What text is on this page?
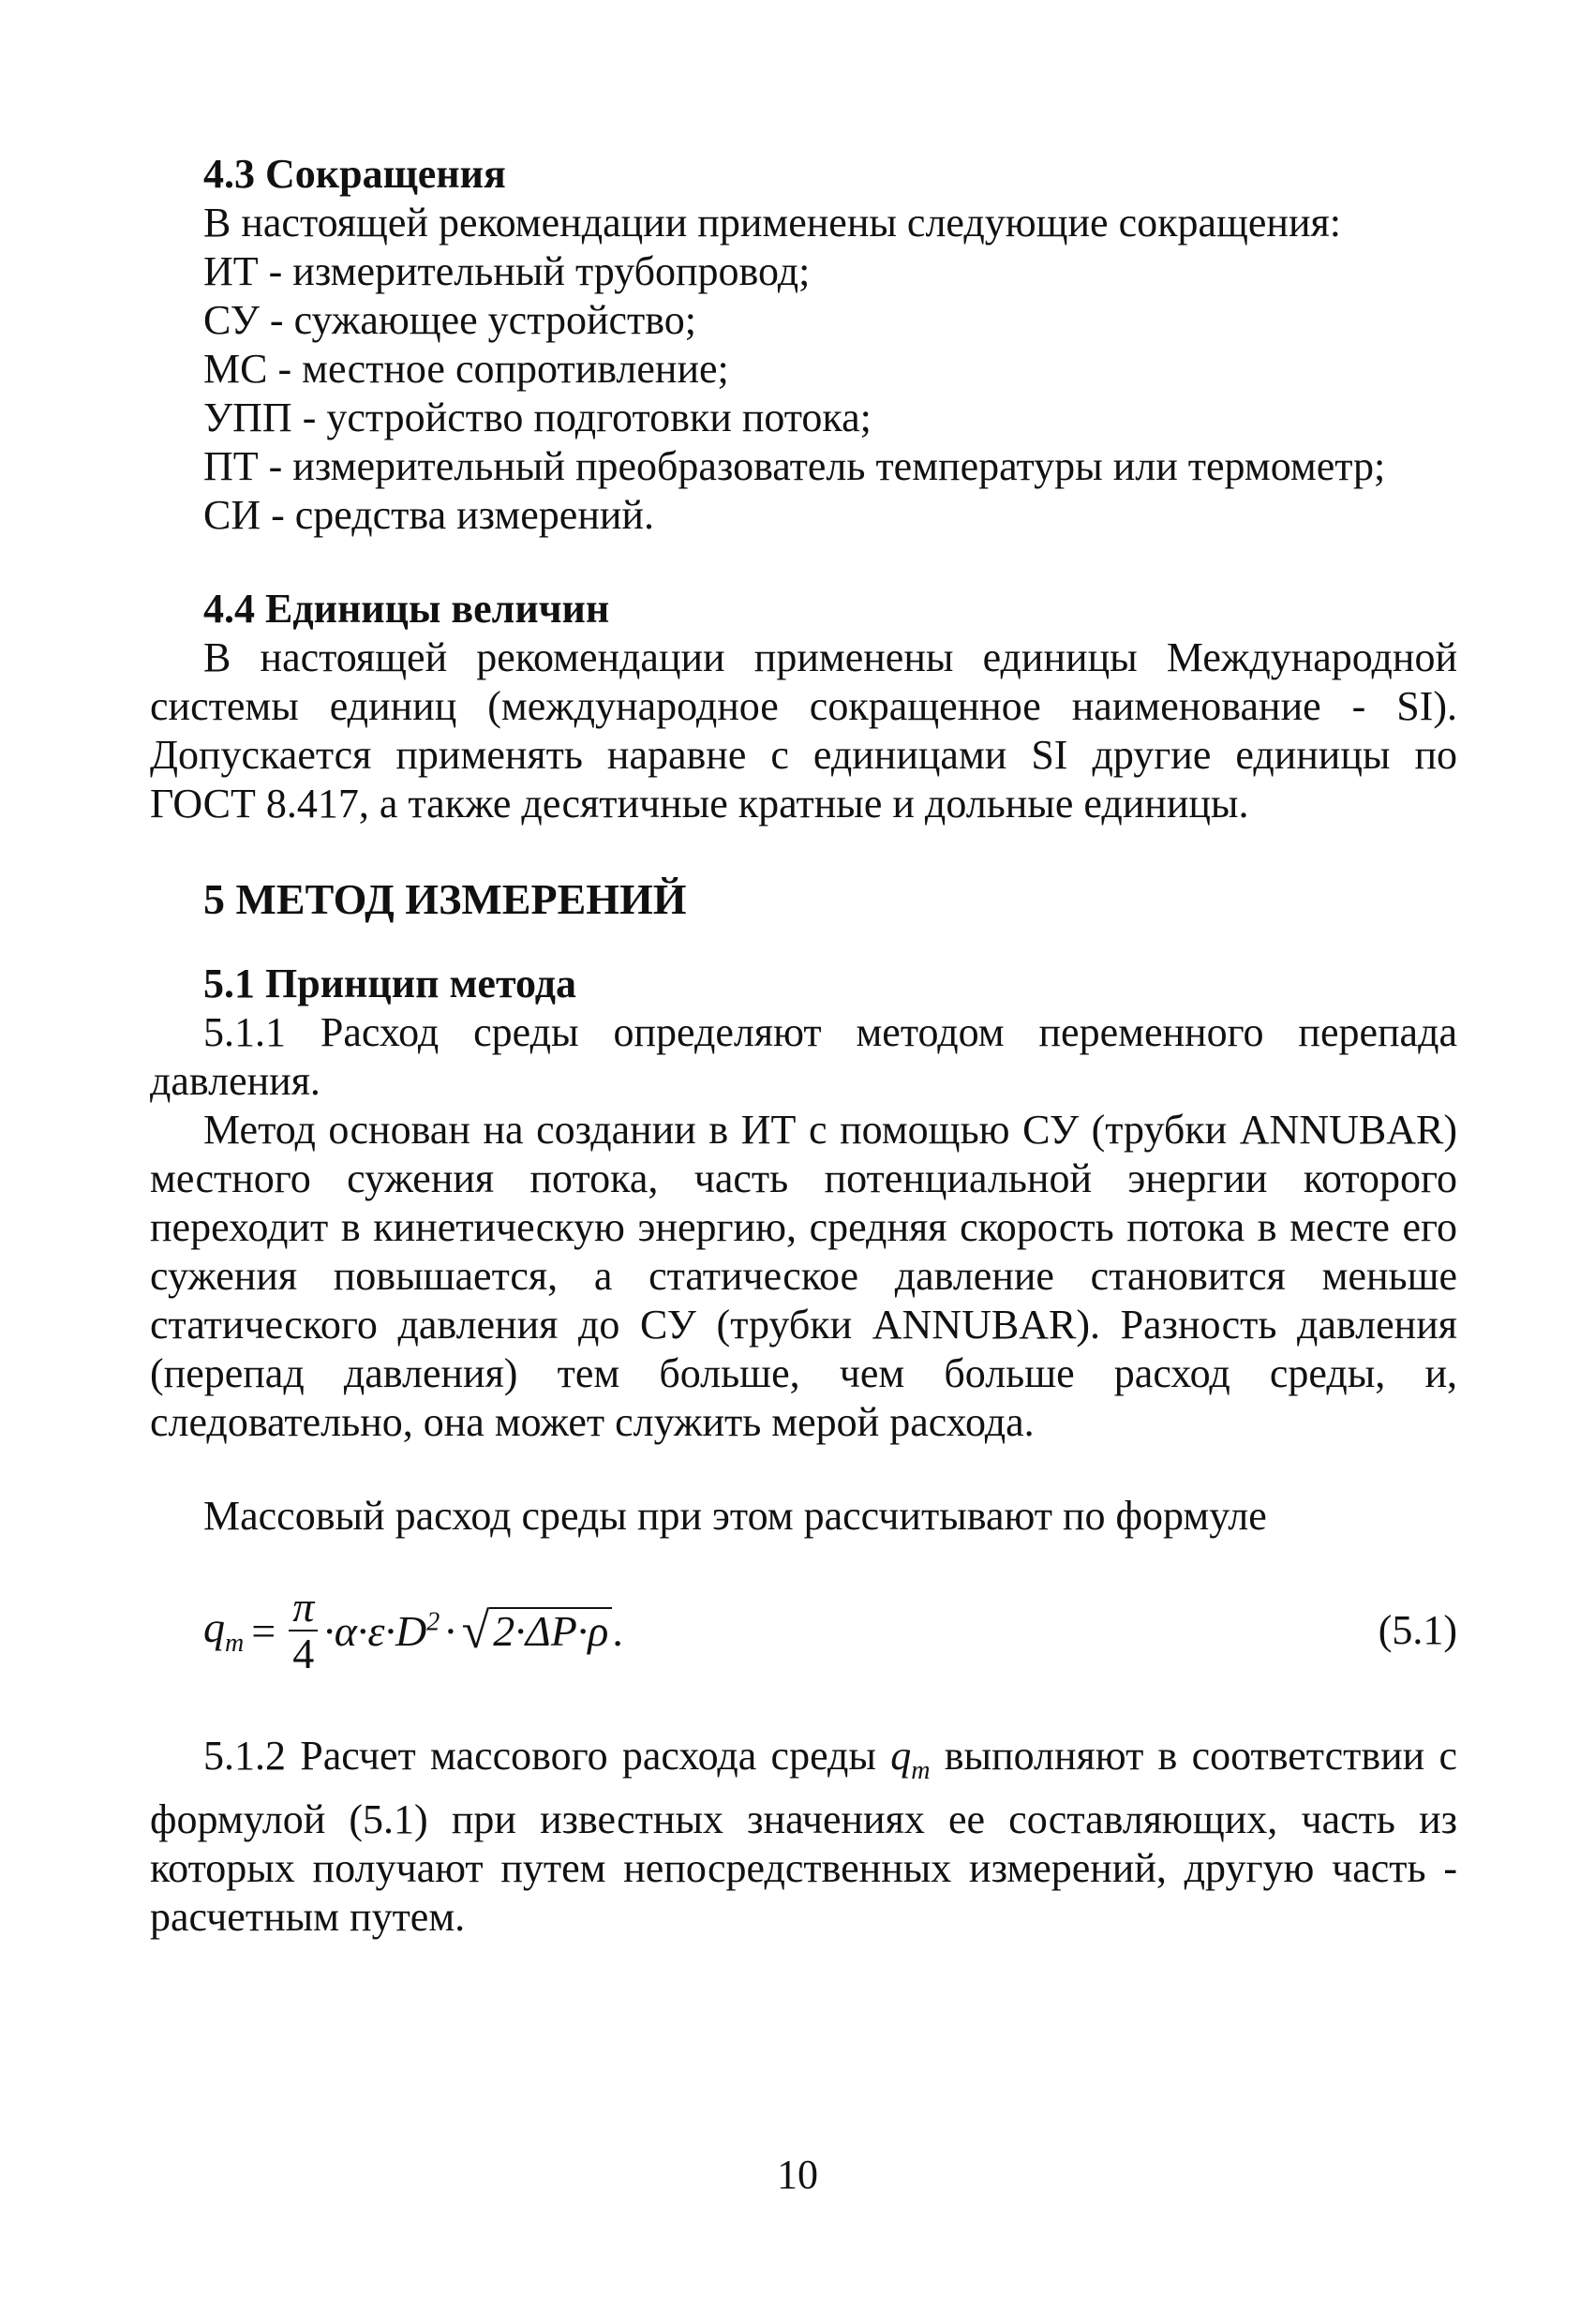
4.3 Сокращения

В настоящей рекомендации применены следующие сокращения:

ИТ - измерительный трубопровод;

СУ - сужающее устройство;

МС - местное сопротивление;

УПП - устройство подготовки потока;

ПТ - измерительный преобразователь температуры или термометр;

СИ - средства измерений.

4.4 Единицы величин

В настоящей рекомендации применены единицы Международной системы единиц (международное сокращенное наименование - SI). Допускается применять наравне с единицами SI другие единицы по ГОСТ 8.417, а также десятичные кратные и дольные единицы.

5 МЕТОД ИЗМЕРЕНИЙ

5.1 Принцип метода

5.1.1 Расход среды определяют методом переменного перепада давления.

Метод основан на создании в ИТ с помощью СУ (трубки ANNUBAR) местного сужения потока, часть потенциальной энергии которого переходит в кинетическую энергию, средняя скорость потока в месте его сужения повышается, а статическое давление становится меньше статического давления до СУ (трубки ANNUBAR). Разность давления (перепад давления) тем больше, чем больше расход среды, и, следовательно, она может служить мерой расхода.

Массовый расход среды при этом рассчитывают по формуле

$q_m = \frac{\pi}{4} \cdot\alpha\cdot\varepsilon\cdot D^2$ · √ 2·ΔP·ρ .	(5.1)

5.1.2 Расчет массового расхода среды $q_m$ выполняют в соответствии с формулой (5.1) при известных значениях ее составляющих, часть из которых получают путем непосредственных измерений, другую часть - расчетным путем.

10
